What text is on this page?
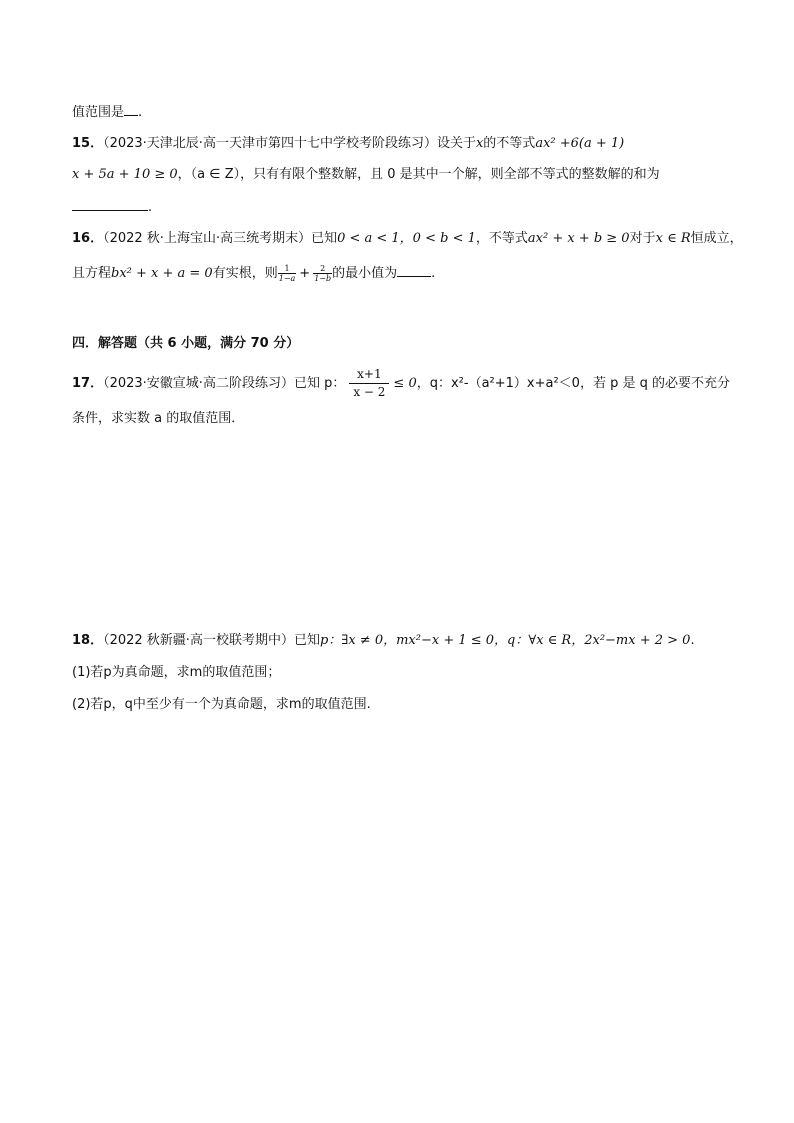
值范围是 .
15．（2023·天津北辰·高一天津市第四十七中学校考阶段练习）设关于x的不等式ax² +6(a + 1)
x + 5a + 10 ≥ 0，（a ∈ Z），只有有限个整数解，且 0 是其中一个解，则全部不等式的整数解的和为
.
16．（2022 秋·上海宝山·高三统考期末）已知0 < a < 1，0 < b < 1，不等式ax² + x + b ≥ 0对于x ∈ R恒成立，
且方程bx² + x + a = 0有实根，则 $\frac{1}{1-a} + \frac{2}{1-b}$ 的最小值为	.
四．解答题（共 6 小题，满分 70 分）
17．（2023·安徽宣城·高二阶段练习）已知 p： $\frac{x+1}{x - 2} \le 0$，q：x²-（a²+1）x+a²＜0，若 p 是 q 的必要不充分
条件，求实数 a 的取值范围．
18．（2022 秋新疆·高一校联考期中）已知p：∃x ≠ 0，mx²−x + 1 ≤ 0，q：∀x ∈ R，2x²−mx + 2 > 0.
(1)若p为真命题，求m的取值范围；
(2)若p，q中至少有一个为真命题，求m的取值范围.
